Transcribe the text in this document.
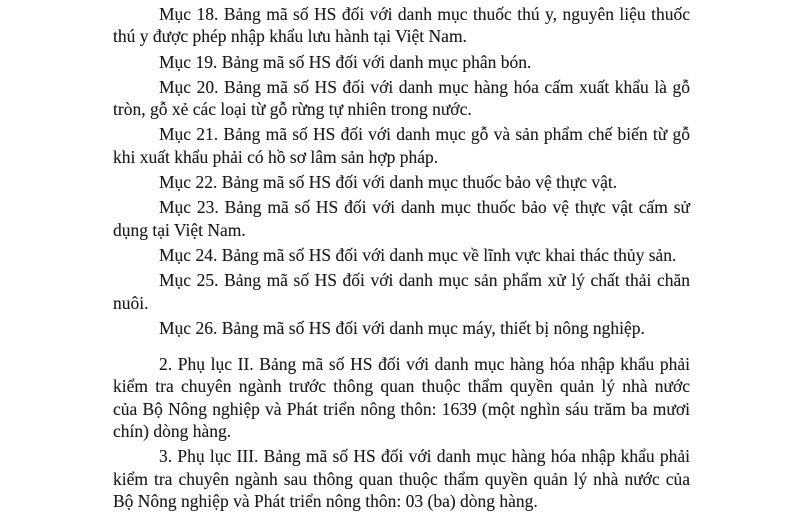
Mục 18. Bảng mã số HS đối với danh mục thuốc thú y, nguyên liệu thuốc
thú y được phép nhập khẩu lưu hành tại Việt Nam.

Mục 19. Bảng mã số HS đối với danh mục phân bón.

Mục 20. Bảng mã số HS đối với danh mục hàng hóa cấm xuất khẩu là gỗ
tròn, gỗ xẻ các loại từ gỗ rừng tự nhiên trong nước.

Mục 21. Bảng mã số HS đối với danh mục gỗ và sản phẩm chế biến từ gỗ
khi xuất khẩu phải có hồ sơ lâm sản hợp pháp.

Mục 22. Bảng mã số HS đối với danh mục thuốc bảo vệ thực vật.

Mục 23. Bảng mã số HS đối với danh mục thuốc bảo vệ thực vật cấm sử
dụng tại Việt Nam.

Mục 24. Bảng mã số HS đối với danh mục về lĩnh vực khai thác thủy sản.

Mục 25. Bảng mã số HS đối với danh mục sản phẩm xử lý chất thải chăn
nuôi.

Mục 26. Bảng mã số HS đối với danh mục máy, thiết bị nông nghiệp.

2. Phụ lục II. Bảng mã số HS đối với danh mục hàng hóa nhập khẩu phải
kiểm tra chuyên ngành trước thông quan thuộc thẩm quyền quản lý nhà nước
của Bộ Nông nghiệp và Phát triển nông thôn: 1639 (một nghìn sáu trăm ba mươi
chín) dòng hàng.

3. Phụ lục III. Bảng mã số HS đối với danh mục hàng hóa nhập khẩu phải
kiểm tra chuyên ngành sau thông quan thuộc thẩm quyền quản lý nhà nước của
Bộ Nông nghiệp và Phát triển nông thôn: 03 (ba) dòng hàng.
